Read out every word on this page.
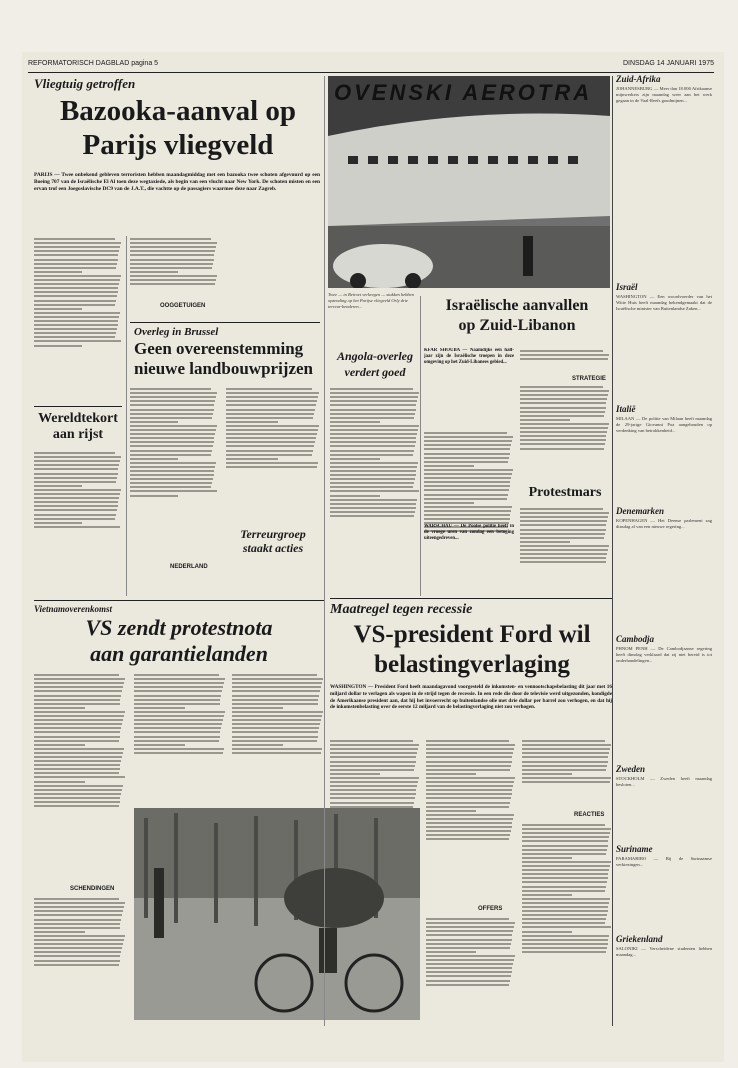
REFORMATORISCH DAGBLAD pagina 5	DINSDAG 14 JANUARI 1975
Vliegtuig getroffen
Bazooka-aanval op
Parijs vliegveld
PARIJS — Twee onbekend gebleven terroristen hebben maandagmiddag met een bazooka twee schoten afgevuurd op een Boeing 707 van de Israëlische El Al toen deze wegtaxiede, als begin van een vlucht naar New York. De schoten misten en een ervan trof een Joegoslavische DC9 van de J.A.T., die vachtte op de passagiers waarmee deze naar Zagreb.
OOGGETUIGEN
OVENSKI AEROTRA
Twee — in Beiroet verkregen — stukken hebben opzending op het Parijse vliegveld Orly drie terreur-benderen...
Wereldtekort
aan rijst
Overleg in Brussel
Geen overeenstemming
nieuwe landbouwprijzen
NEDERLAND
Terreurgroep
staakt acties
Angola-overleg
verdert goed
Israëlische aanvallen
op Zuid-Libanon
KFAR SHOUBA — Naamdijks een half-jaar zijn de Israëlische troepen in deze omgeving op het Zuid-Libanees gebied...
STRATEGIE
Protestmars
WARSCHAU — De Poolse politie heeft in de vroege uren van zondag een betoging uiteengedreven...
Vietnamoverenkomst
VS zendt protestnota
aan garantielanden
SCHENDINGEN
Maatregel tegen recessie
VS-president Ford wil
belastingverlaging
WASHINGTON — President Ford heeft maandagavond voorgesteld de inkomsten- en vennootschapsbelasting dit jaar met 16 miljard dollar te verlagen als wapen in de strijd tegen de recessie. In een rede die door de televisie werd uitgezonden, kondigde de Amerikaanse president aan, dat hij het invoerrecht op buitenlandse olie met drie dollar per barrel zou verhogen, en dat hij de inkomstenbelasting over de eerste 12 miljard van de belastingverlaging niet zou verhogen.
REACTIES
OFFERS
Zuid-Afrika
JOHANNESBURG — Meer dan 18.000 Afrikaanse mijnwerkers zijn maandag weer aan het werk gegaan in de Vaal-Reefs goudmijnen...
Israël
WASHINGTON — Een woordvoerder van het Witte Huis heeft maandag bekendgemaakt dat de Israëlische minister van Buitenlandse Zaken...
Italië
MILAAN — De politie van Milaan heeft maandag de 29-jarige Giovanni Poa aangehouden op verdenking van betrokkenheid...
Denemarken
KOPENHAGEN — Het Deense parlement zag dinsdag af van een nieuwe regering...
Cambodja
PHNOM PENH — De Cambodjaanse regering heeft dinsdag verklaard dat zij niet bereid is tot onderhandelingen...
Zweden
STOCKHOLM — Zweden heeft maandag besloten...
Suriname
PARAMARIBO — Bij de Surinaamse verkiezingen...
Griekenland
SALONIKI — Verscheidene studenten hebben maandag...
